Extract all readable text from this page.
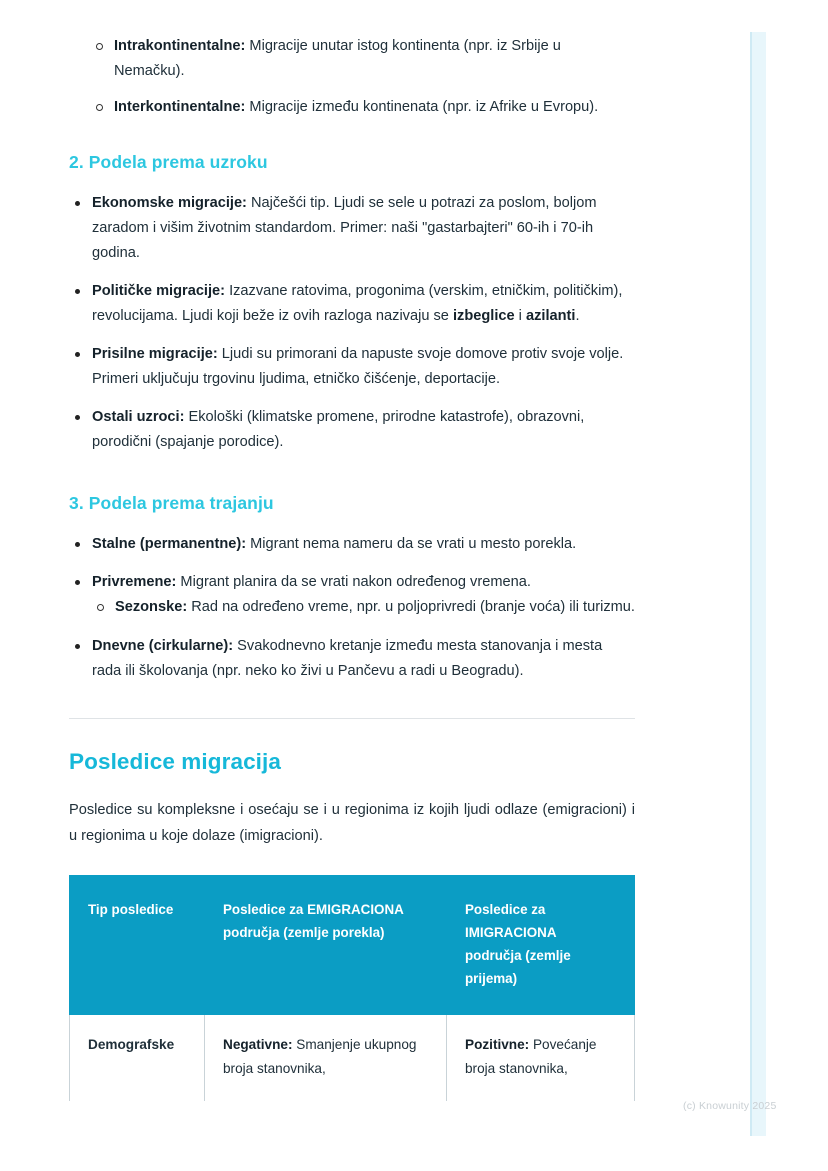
Intrakontinentalne: Migracije unutar istog kontinenta (npr. iz Srbije u Nemačku).
Interkontinentalne: Migracije između kontinenata (npr. iz Afrike u Evropu).
2. Podela prema uzroku
Ekonomske migracije: Najčešći tip. Ljudi se sele u potrazi za poslom, boljom zaradom i višim životnim standardom. Primer: naši "gastarbajteri" 60-ih i 70-ih godina.
Političke migracije: Izazvane ratovima, progonima (verskim, etničkim, političkim), revolucijama. Ljudi koji beže iz ovih razloga nazivaju se izbeglice i azilanti.
Prisilne migracije: Ljudi su primorani da napuste svoje domove protiv svoje volje. Primeri uključuju trgovinu ljudima, etničko čišćenje, deportacije.
Ostali uzroci: Ekološki (klimatske promene, prirodne katastrofe), obrazovni, porodični (spajanje porodice).
3. Podela prema trajanju
Stalne (permanentne): Migrant nema nameru da se vrati u mesto porekla.
Privremene: Migrant planira da se vrati nakon određenog vremena.
Sezonske: Rad na određeno vreme, npr. u poljoprivredi (branje voća) ili turizmu.
Dnevne (cirkularne): Svakodnevno kretanje između mesta stanovanja i mesta rada ili školovanja (npr. neko ko živi u Pančevu a radi u Beogradu).
Posledice migracija

Posledice su kompleksne i osećaju se i u regionima iz kojih ljudi odlaze (emigracioni) i u regionima u koje dolaze (imigracioni).

Tip posledice	Posledice za EMIGRACIONA područja (zemlje porekla)	Posledice za IMIGRACIONA područja (zemlje prijema)
Demografske	Negativne: Smanjenje ukupnog broja stanovnika,	Pozitivne: Povećanje broja stanovnika,
(c) Knowunity 2025
